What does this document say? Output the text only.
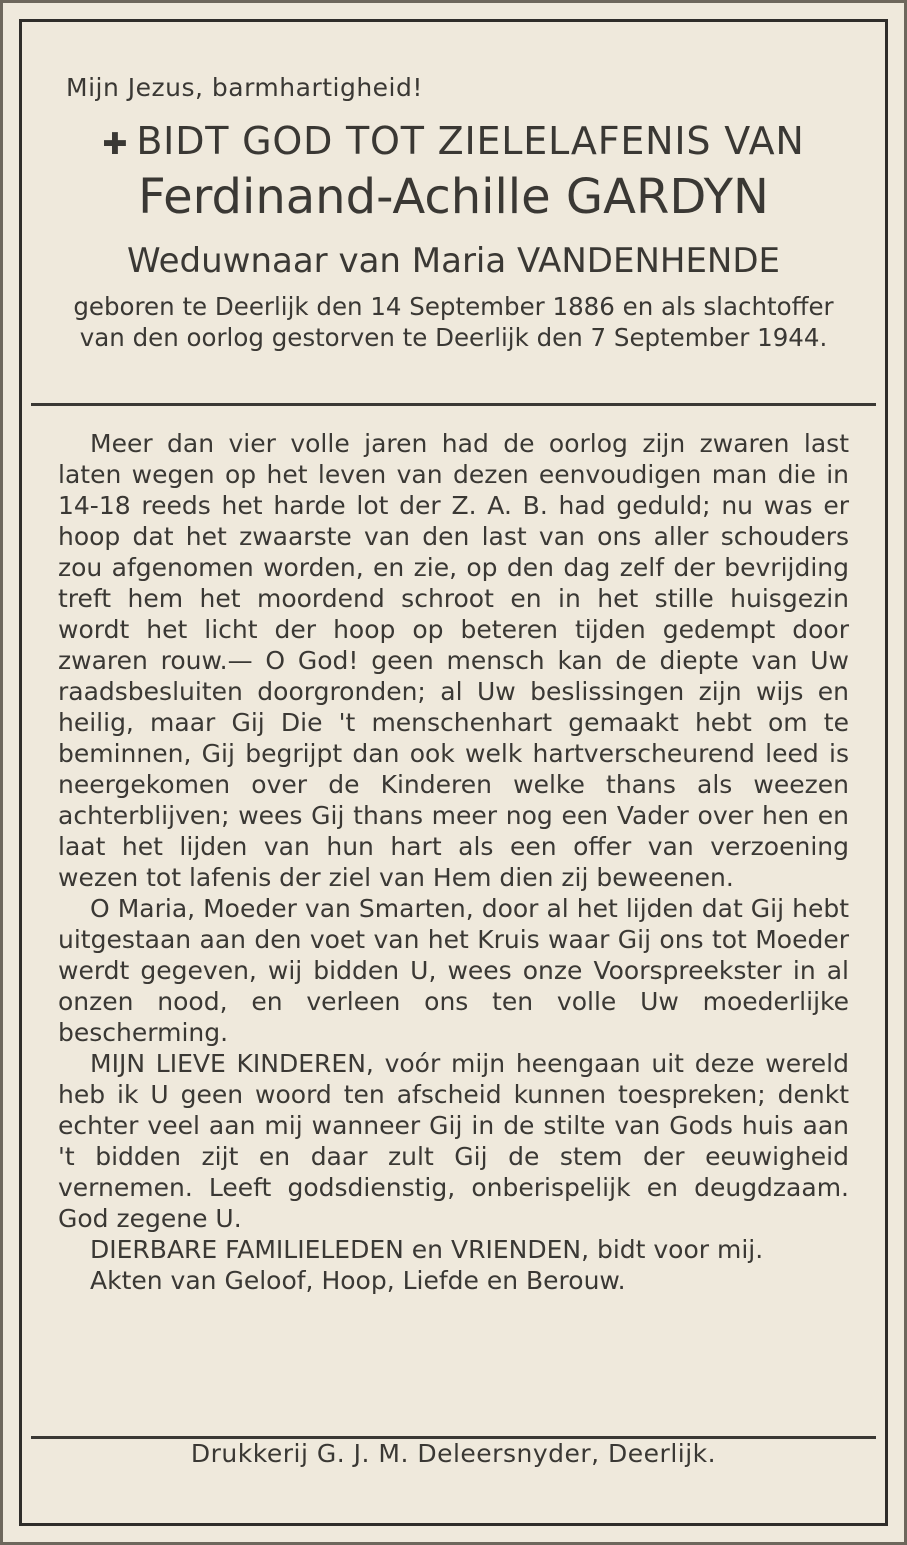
Mijn Jezus, barmhartigheid!
✚ BIDT GOD TOT ZIELELAFENIS VAN
Ferdinand-Achille GARDYN
Weduwnaar van Maria VANDENHENDE
geboren te Deerlijk den 14 September 1886 en als slachtoffer van den oorlog gestorven te Deerlijk den 7 September 1944.

Meer dan vier volle jaren had de oorlog zijn zwaren last laten wegen op het leven van dezen eenvoudigen man die in 14-18 reeds het harde lot der Z. A. B. had geduld; nu was er hoop dat het zwaarste van den last van ons aller schouders zou afgenomen worden, en zie, op den dag zelf der bevrijding treft hem het moordend schroot en in het stille huisgezin wordt het licht der hoop op beteren tijden gedempt door zwaren rouw.— O God! geen mensch kan de diepte van Uw raadsbesluiten doorgronden; al Uw beslissingen zijn wijs en heilig, maar Gij Die 't menschenhart gemaakt hebt om te beminnen, Gij begrijpt dan ook welk hartverscheurend leed is neergekomen over de Kinderen welke thans als weezen achterblijven; wees Gij thans meer nog een Vader over hen en laat het lijden van hun hart als een offer van verzoening wezen tot lafenis der ziel van Hem dien zij beweenen.

O Maria, Moeder van Smarten, door al het lijden dat Gij hebt uitgestaan aan den voet van het Kruis waar Gij ons tot Moeder werdt gegeven, wij bidden U, wees onze Voorspreekster in al onzen nood, en verleen ons ten volle Uw moederlijke bescherming.

MIJN LIEVE KINDEREN, voór mijn heengaan uit deze wereld heb ik U geen woord ten afscheid kunnen toespreken; denkt echter veel aan mij wanneer Gij in de stilte van Gods huis aan 't bidden zijt en daar zult Gij de stem der eeuwigheid vernemen. Leeft godsdienstig, onberispelijk en deugdzaam. God zegene U.

DIERBARE FAMILIELEDEN en VRIENDEN, bidt voor mij.

Akten van Geloof, Hoop, Liefde en Berouw.

Drukkerij G. J. M. Deleersnyder, Deerlijk.
